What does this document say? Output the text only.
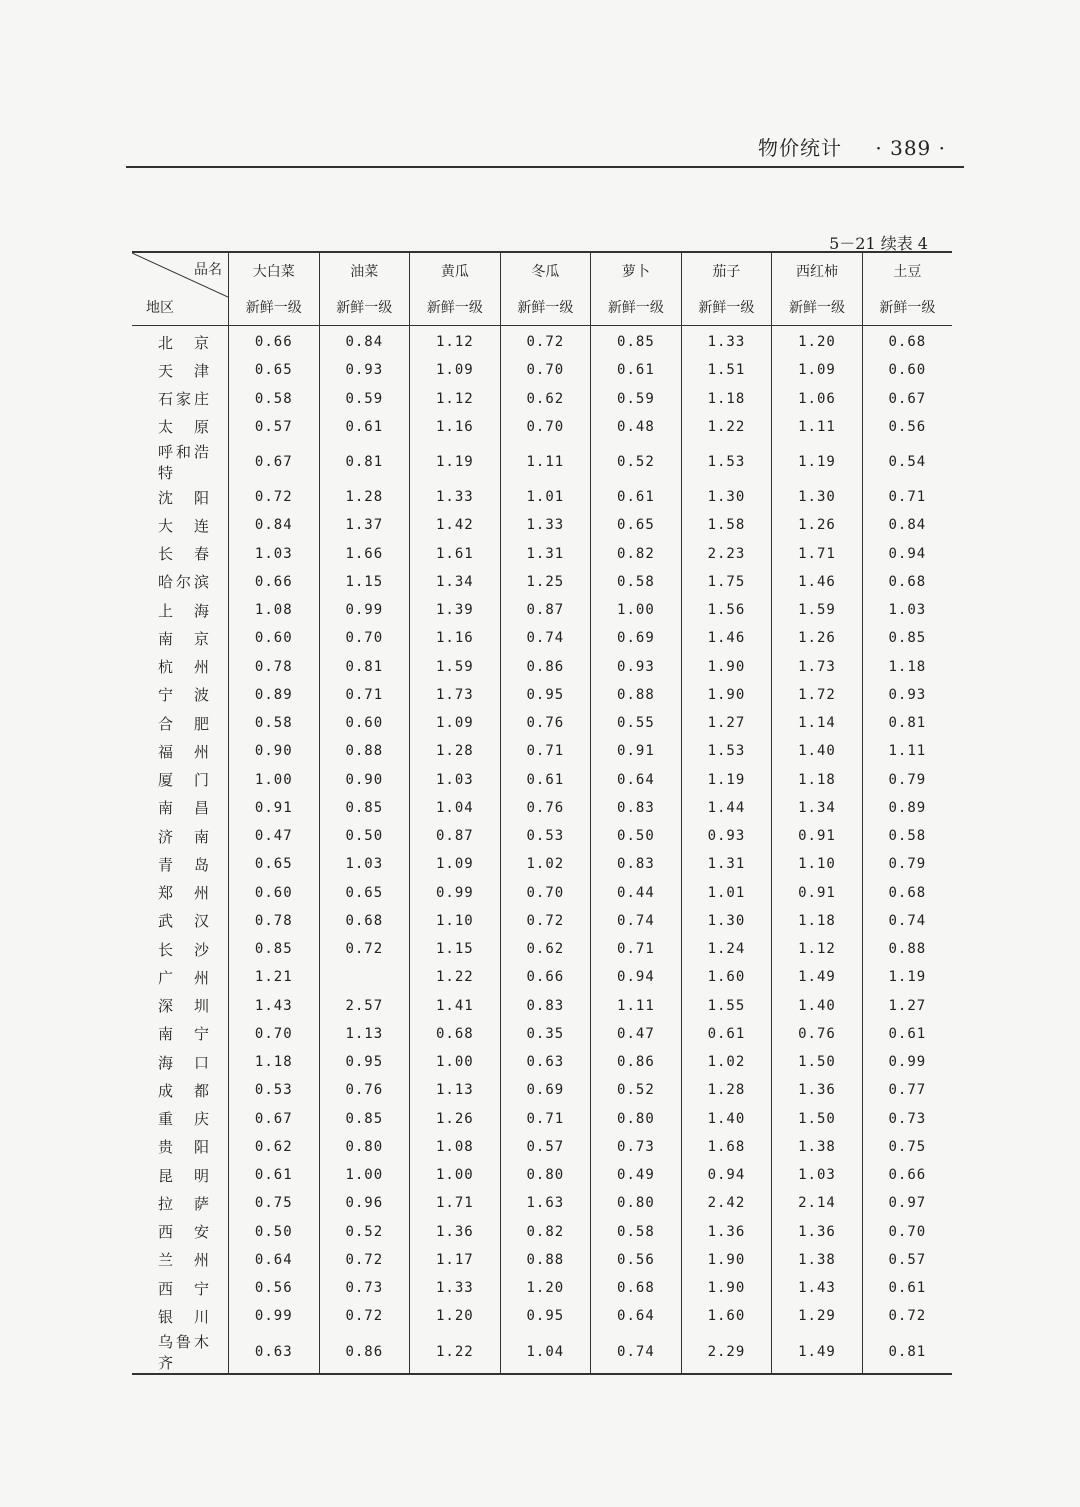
物价统计 · 389 ·
5－21 续表 4
品名
地区	大白菜	油菜	黄瓜	冬瓜	萝卜	茄子	西红柿	土豆
	新鲜一级	新鲜一级	新鲜一级	新鲜一级	新鲜一级	新鲜一级	新鲜一级	新鲜一级
北京	0.66	0.84	1.12	0.72	0.85	1.33	1.20	0.68
天津	0.65	0.93	1.09	0.70	0.61	1.51	1.09	0.60
石家庄	0.58	0.59	1.12	0.62	0.59	1.18	1.06	0.67
太原	0.57	0.61	1.16	0.70	0.48	1.22	1.11	0.56
呼和浩特	0.67	0.81	1.19	1.11	0.52	1.53	1.19	0.54
沈阳	0.72	1.28	1.33	1.01	0.61	1.30	1.30	0.71
大连	0.84	1.37	1.42	1.33	0.65	1.58	1.26	0.84
长春	1.03	1.66	1.61	1.31	0.82	2.23	1.71	0.94
哈尔滨	0.66	1.15	1.34	1.25	0.58	1.75	1.46	0.68
上海	1.08	0.99	1.39	0.87	1.00	1.56	1.59	1.03
南京	0.60	0.70	1.16	0.74	0.69	1.46	1.26	0.85
杭州	0.78	0.81	1.59	0.86	0.93	1.90	1.73	1.18
宁波	0.89	0.71	1.73	0.95	0.88	1.90	1.72	0.93
合肥	0.58	0.60	1.09	0.76	0.55	1.27	1.14	0.81
福州	0.90	0.88	1.28	0.71	0.91	1.53	1.40	1.11
厦门	1.00	0.90	1.03	0.61	0.64	1.19	1.18	0.79
南昌	0.91	0.85	1.04	0.76	0.83	1.44	1.34	0.89
济南	0.47	0.50	0.87	0.53	0.50	0.93	0.91	0.58
青岛	0.65	1.03	1.09	1.02	0.83	1.31	1.10	0.79
郑州	0.60	0.65	0.99	0.70	0.44	1.01	0.91	0.68
武汉	0.78	0.68	1.10	0.72	0.74	1.30	1.18	0.74
长沙	0.85	0.72	1.15	0.62	0.71	1.24	1.12	0.88
广州	1.21		1.22	0.66	0.94	1.60	1.49	1.19
深圳	1.43	2.57	1.41	0.83	1.11	1.55	1.40	1.27
南宁	0.70	1.13	0.68	0.35	0.47	0.61	0.76	0.61
海口	1.18	0.95	1.00	0.63	0.86	1.02	1.50	0.99
成都	0.53	0.76	1.13	0.69	0.52	1.28	1.36	0.77
重庆	0.67	0.85	1.26	0.71	0.80	1.40	1.50	0.73
贵阳	0.62	0.80	1.08	0.57	0.73	1.68	1.38	0.75
昆明	0.61	1.00	1.00	0.80	0.49	0.94	1.03	0.66
拉萨	0.75	0.96	1.71	1.63	0.80	2.42	2.14	0.97
西安	0.50	0.52	1.36	0.82	0.58	1.36	1.36	0.70
兰州	0.64	0.72	1.17	0.88	0.56	1.90	1.38	0.57
西宁	0.56	0.73	1.33	1.20	0.68	1.90	1.43	0.61
银川	0.99	0.72	1.20	0.95	0.64	1.60	1.29	0.72
乌鲁木齐	0.63	0.86	1.22	1.04	0.74	2.29	1.49	0.81
